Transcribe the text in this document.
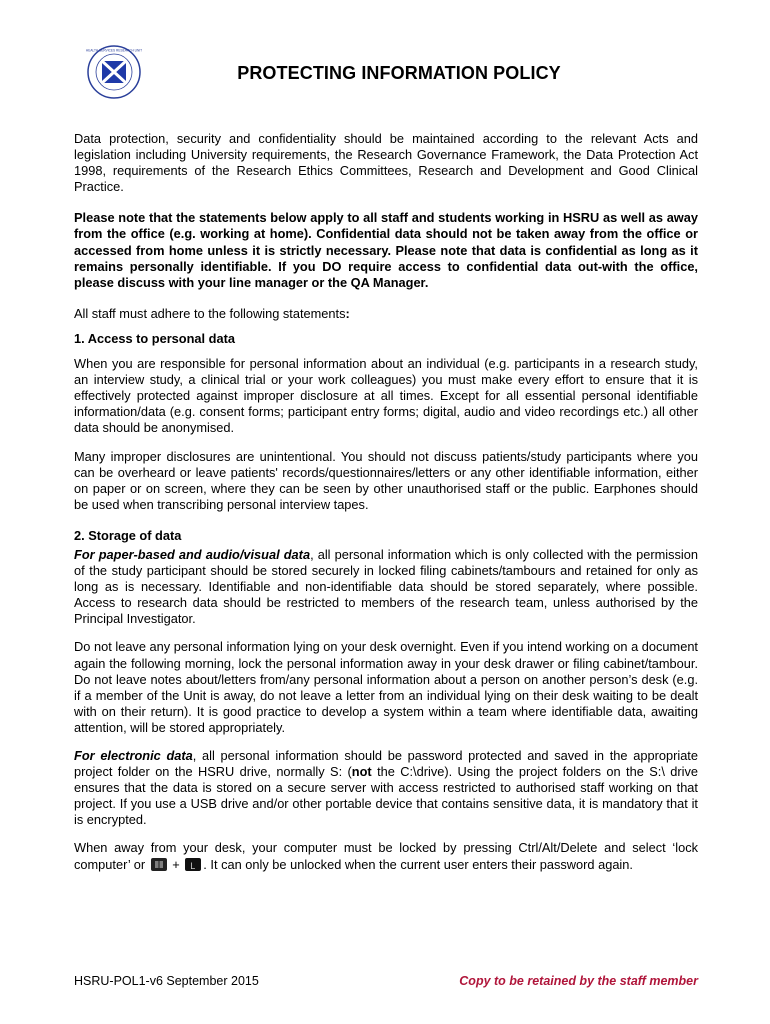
HEALTH SERVICES RESEARCH UNIT
PROTECTING INFORMATION POLICY

Data protection, security and confidentiality should be maintained according to the relevant Acts and legislation including University requirements, the Research Governance Framework, the Data Protection Act 1998, requirements of the Research Ethics Committees, Research and Development and Good Clinical Practice.

Please note that the statements below apply to all staff and students working in HSRU as well as away from the office (e.g. working at home). Confidential data should not be taken away from the office or accessed from home unless it is strictly necessary. Please note that data is confidential as long as it remains personally identifiable. If you DO require access to confidential data out-with the office, please discuss with your line manager or the QA Manager.

All staff must adhere to the following statements:

1. Access to personal data

When you are responsible for personal information about an individual (e.g. participants in a research study, an interview study, a clinical trial or your work colleagues) you must make every effort to ensure that it is effectively protected against improper disclosure at all times. Except for all essential personal identifiable information/data (e.g. consent forms; participant entry forms; digital, audio and video recordings etc.) all other data should be anonymised.

Many improper disclosures are unintentional. You should not discuss patients/study participants where you can be overheard or leave patients' records/questionnaires/letters or any other identifiable information, either on paper or on screen, where they can be seen by other unauthorised staff or the public. Earphones should be used when transcribing personal interview tapes.

2. Storage of data

For paper-based and audio/visual data, all personal information which is only collected with the permission of the study participant should be stored securely in locked filing cabinets/tambours and retained for only as long as is necessary. Identifiable and non-identifiable data should be stored separately, where possible. Access to research data should be restricted to members of the research team, unless authorised by the Principal Investigator.

Do not leave any personal information lying on your desk overnight. Even if you intend working on a document again the following morning, lock the personal information away in your desk drawer or filing cabinet/tambour. Do not leave notes about/letters from/any personal information about a person on another person’s desk (e.g. if a member of the Unit is away, do not leave a letter from an individual lying on their desk waiting to be dealt with on their return). It is good practice to develop a system within a team where identifiable data, awaiting attention, will be stored appropriately.

For electronic data, all personal information should be password protected and saved in the appropriate project folder on the HSRU drive, normally S: (not the C:\drive). Using the project folders on the S:\ drive ensures that the data is stored on a secure server with access restricted to authorised staff working on that project. If you use a USB drive and/or other portable device that contains sensitive data, it is mandatory that it is encrypted.

When away from your desk, your computer must be locked by pressing Ctrl/Alt/Delete and select ‘lock computer’ or + L . It can only be unlocked when the current user enters their password again.

HSRU-POL1-v6 September 2015	Copy to be retained by the staff member
